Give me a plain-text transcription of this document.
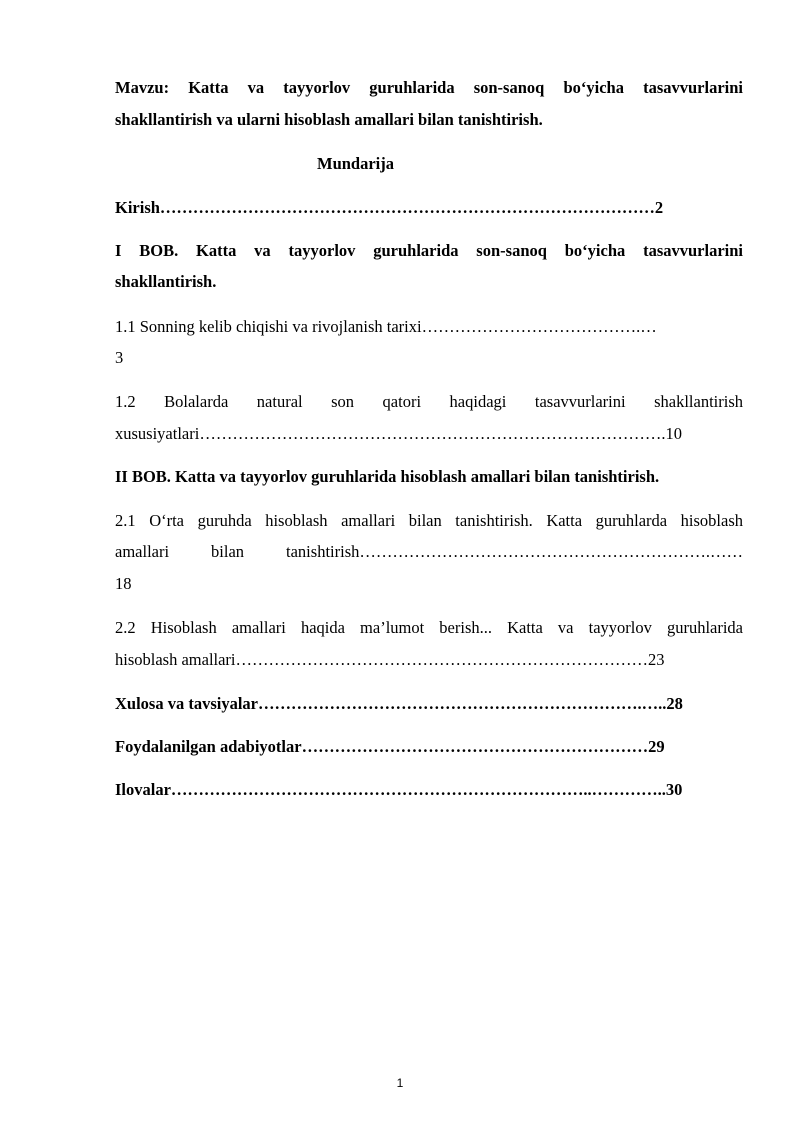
Mavzu: Katta va tayyorlov guruhlarida son-sanoq bo‘yicha tasavvurlarini
shakllantirish va ularni hisoblash amallari bilan tanishtirish.
Mundarija
Kirish………………………………………………………………………………2
I BOB. Katta va tayyorlov guruhlarida son-sanoq bo‘yicha tasavvurlarini
shakllantirish.
1.1 Sonning kelib chiqishi va rivojlanish tarixi………………………………….…
3
1.2 Bolalarda natural son qatori haqidagi tasavvurlarini shakllantirish
xususiyatlari………………………………………………………………………….10
II BOB. Katta va tayyorlov guruhlarida hisoblash amallari bilan tanishtirish.
2.1 O‘rta guruhda hisoblash amallari bilan tanishtirish. Katta guruhlarda hisoblash
amallari bilan tanishtirish……………………………………………………….……
18
2.2 Hisoblash amallari haqida ma’lumot berish... Katta va tayyorlov guruhlarida
hisoblash amallari…………………………………………………………………23
Xulosa va tavsiyalar…………………………………………………………….…..28
Foydalanilgan adabiyotlar………………………………………………………29
Ilovalar…………………………………………………………………..…………..30
1
